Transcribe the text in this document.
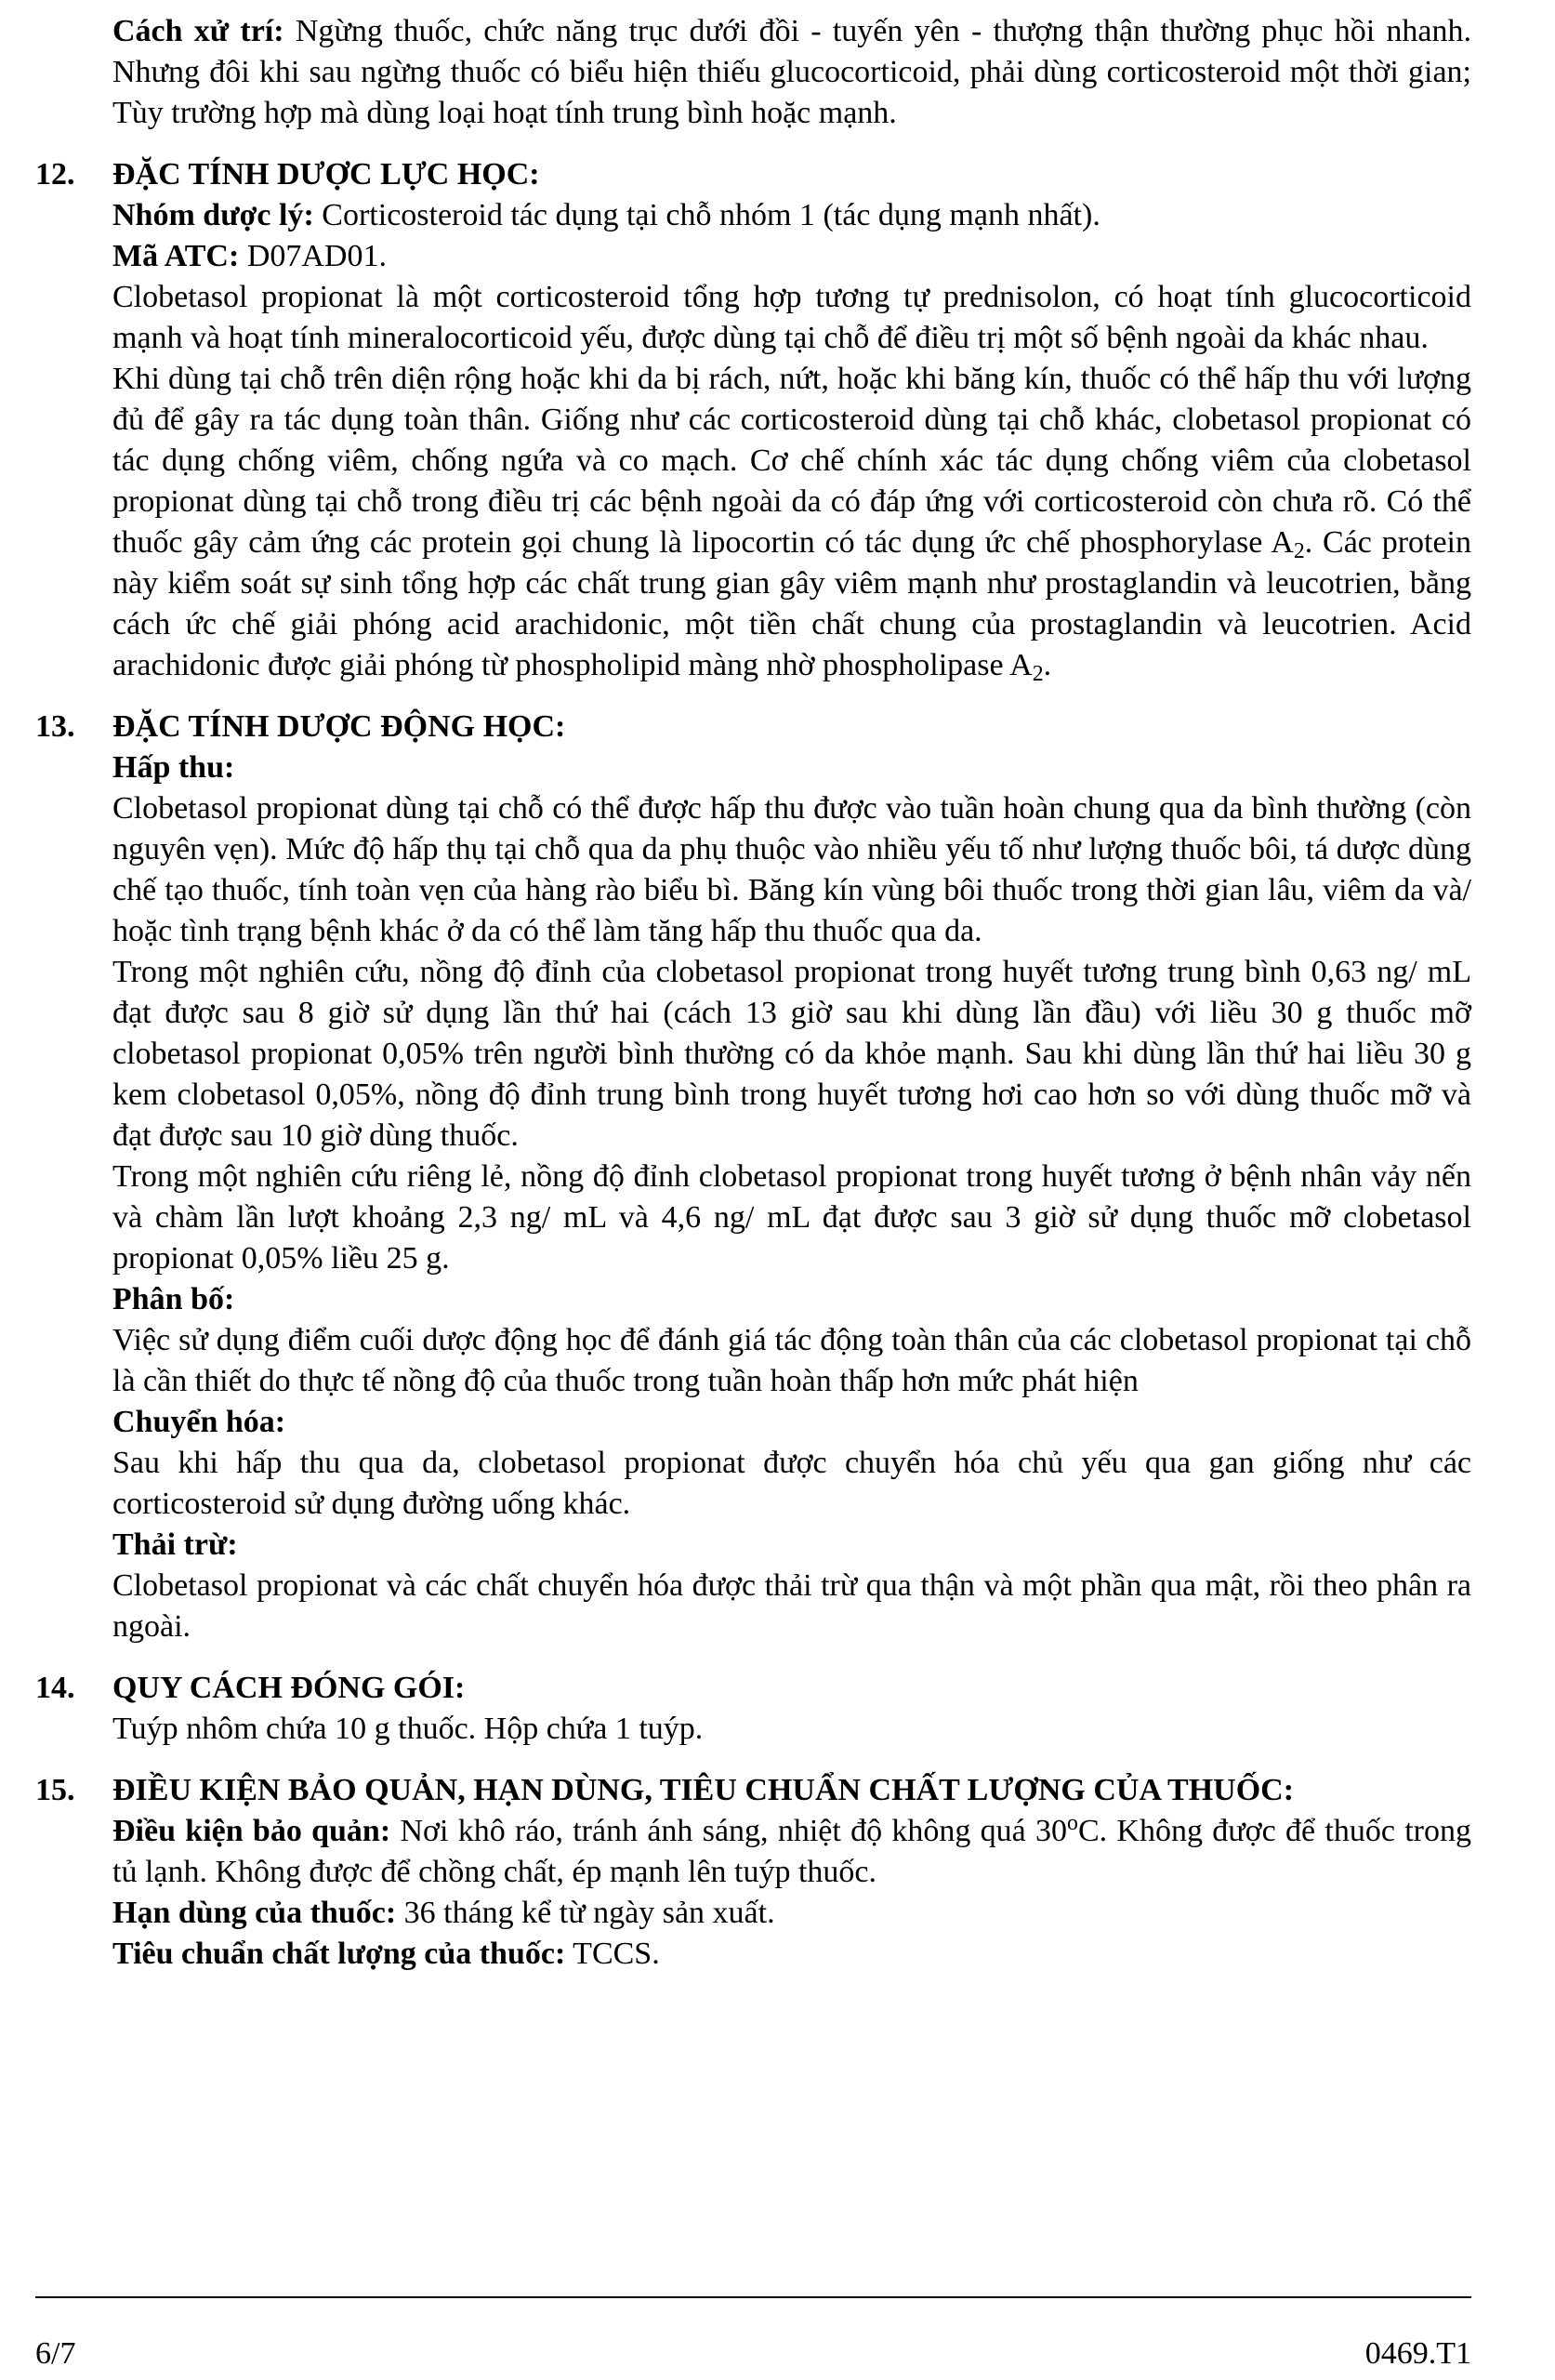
Cách xử trí: Ngừng thuốc, chức năng trục dưới đồi - tuyến yên - thượng thận thường phục hồi nhanh. Nhưng đôi khi sau ngừng thuốc có biểu hiện thiếu glucocorticoid, phải dùng corticosteroid một thời gian; Tùy trường hợp mà dùng loại hoạt tính trung bình hoặc mạnh.

12.	ĐẶC TÍNH DƯỢC LỰC HỌC:

Nhóm dược lý: Corticosteroid tác dụng tại chỗ nhóm 1 (tác dụng mạnh nhất).

Mã ATC: D07AD01.

Clobetasol propionat là một corticosteroid tổng hợp tương tự prednisolon, có hoạt tính glucocorticoid mạnh và hoạt tính mineralocorticoid yếu, được dùng tại chỗ để điều trị một số bệnh ngoài da khác nhau.

Khi dùng tại chỗ trên diện rộng hoặc khi da bị rách, nứt, hoặc khi băng kín, thuốc có thể hấp thu với lượng đủ để gây ra tác dụng toàn thân. Giống như các corticosteroid dùng tại chỗ khác, clobetasol propionat có tác dụng chống viêm, chống ngứa và co mạch. Cơ chế chính xác tác dụng chống viêm của clobetasol propionat dùng tại chỗ trong điều trị các bệnh ngoài da có đáp ứng với corticosteroid còn chưa rõ. Có thể thuốc gây cảm ứng các protein gọi chung là lipocortin có tác dụng ức chế phosphorylase $A_2$. Các protein này kiểm soát sự sinh tổng hợp các chất trung gian gây viêm mạnh như prostaglandin và leucotrien, bằng cách ức chế giải phóng acid arachidonic, một tiền chất chung của prostaglandin và leucotrien. Acid arachidonic được giải phóng từ phospholipid màng nhờ phospholipase $A_2$.

13.	ĐẶC TÍNH DƯỢC ĐỘNG HỌC:

Hấp thu:

Clobetasol propionat dùng tại chỗ có thể được hấp thu được vào tuần hoàn chung qua da bình thường (còn nguyên vẹn). Mức độ hấp thụ tại chỗ qua da phụ thuộc vào nhiều yếu tố như lượng thuốc bôi, tá dược dùng chế tạo thuốc, tính toàn vẹn của hàng rào biểu bì. Băng kín vùng bôi thuốc trong thời gian lâu, viêm da và/ hoặc tình trạng bệnh khác ở da có thể làm tăng hấp thu thuốc qua da.

Trong một nghiên cứu, nồng độ đỉnh của clobetasol propionat trong huyết tương trung bình 0,63 ng/ mL đạt được sau 8 giờ sử dụng lần thứ hai (cách 13 giờ sau khi dùng lần đầu) với liều 30 g thuốc mỡ clobetasol propionat 0,05% trên người bình thường có da khỏe mạnh. Sau khi dùng lần thứ hai liều 30 g kem clobetasol 0,05%, nồng độ đỉnh trung bình trong huyết tương hơi cao hơn so với dùng thuốc mỡ và đạt được sau 10 giờ dùng thuốc.

Trong một nghiên cứu riêng lẻ, nồng độ đỉnh clobetasol propionat trong huyết tương ở bệnh nhân vảy nến và chàm lần lượt khoảng 2,3 ng/ mL và 4,6 ng/ mL đạt được sau 3 giờ sử dụng thuốc mỡ clobetasol propionat 0,05% liều 25 g.

Phân bố:

Việc sử dụng điểm cuối dược động học để đánh giá tác động toàn thân của các clobetasol propionat tại chỗ là cần thiết do thực tế nồng độ của thuốc trong tuần hoàn thấp hơn mức phát hiện

Chuyển hóa:

Sau khi hấp thu qua da, clobetasol propionat được chuyển hóa chủ yếu qua gan giống như các corticosteroid sử dụng đường uống khác.

Thải trừ:

Clobetasol propionat và các chất chuyển hóa được thải trừ qua thận và một phần qua mật, rồi theo phân ra ngoài.

14.	QUY CÁCH ĐÓNG GÓI:

Tuýp nhôm chứa 10 g thuốc. Hộp chứa 1 tuýp.

15.	ĐIỀU KIỆN BẢO QUẢN, HẠN DÙNG, TIÊU CHUẨN CHẤT LƯỢNG CỦA THUỐC:

Điều kiện bảo quản: Nơi khô ráo, tránh ánh sáng, nhiệt độ không quá 30$^o$C. Không được để thuốc trong tủ lạnh. Không được để chồng chất, ép mạnh lên tuýp thuốc.

Hạn dùng của thuốc: 36 tháng kể từ ngày sản xuất.

Tiêu chuẩn chất lượng của thuốc: TCCS.

6/7	0469.T1
